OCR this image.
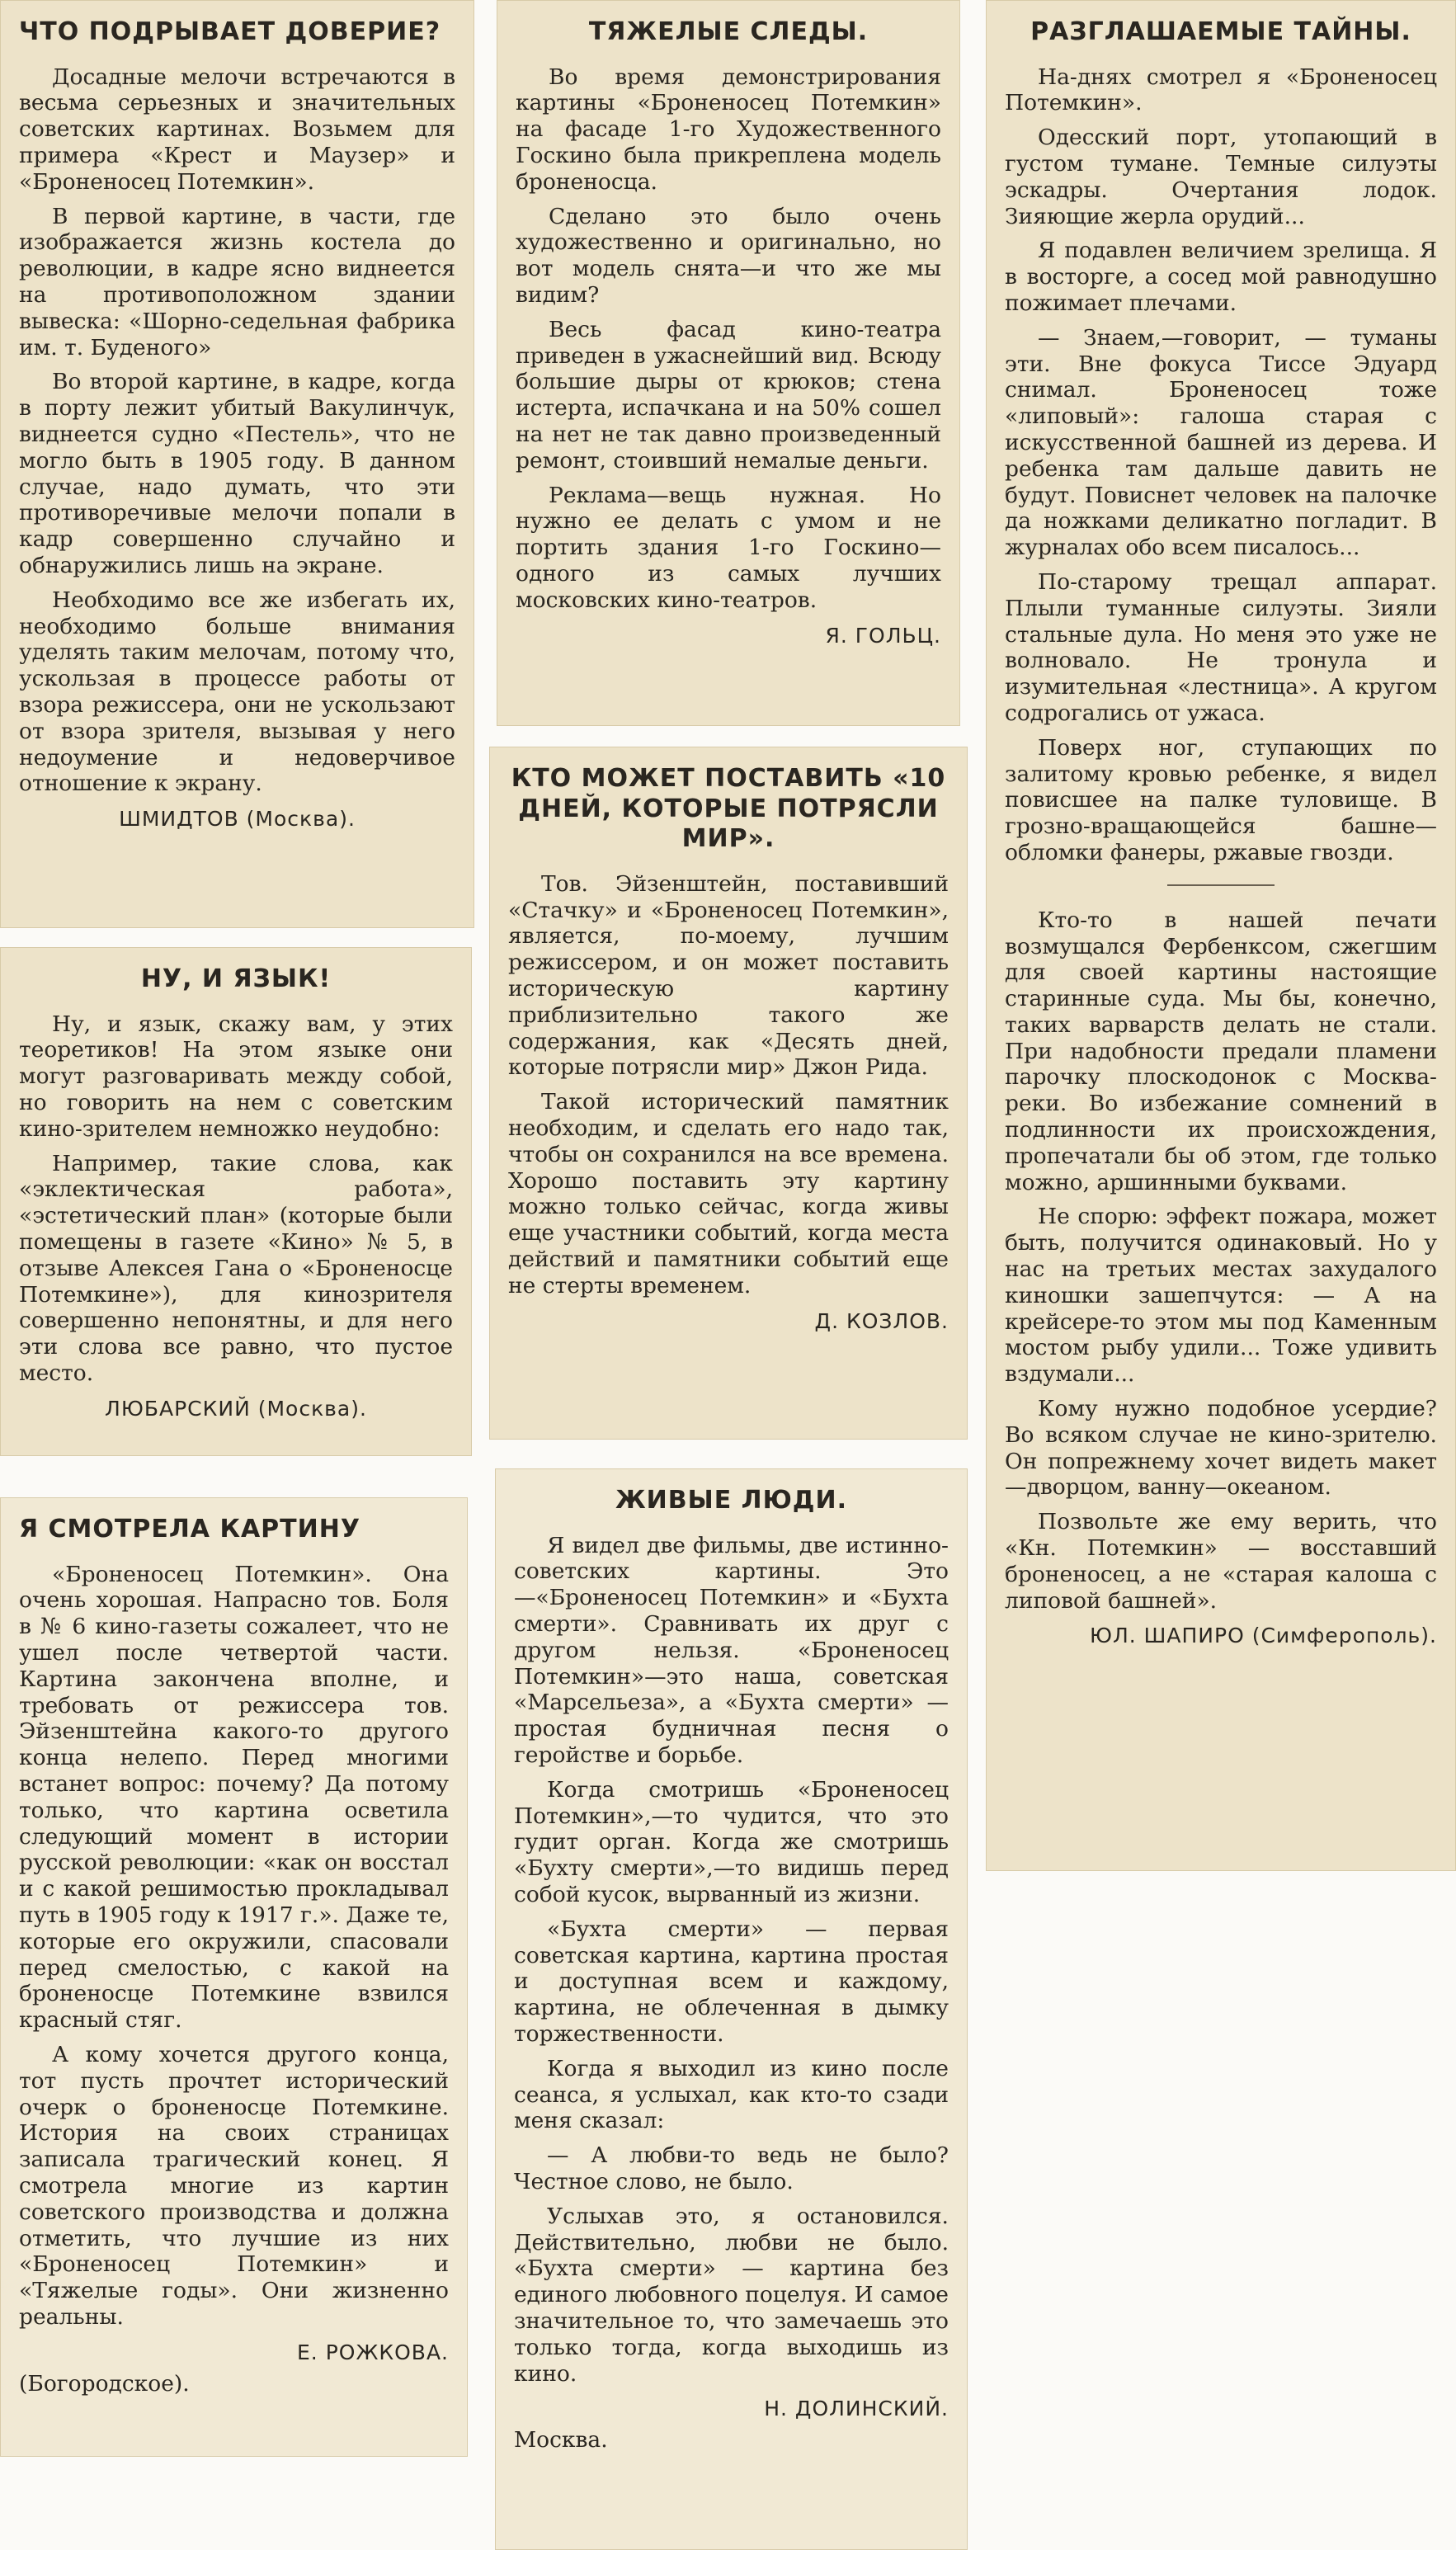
ЧТО ПОДРЫВАЕТ ДОВЕРИЕ?

Досадные мелочи встречаются в весьма серьезных и значительных советских картинах. Возьмем для примера «Крест и Маузер» и «Броненосец Потемкин».

В первой картине, в части, где изображается жизнь костела до революции, в кадре ясно виднеется на противоположном здании вывеска: «Шорно-седельная фабрика им. т. Буденого»

Во второй картине, в кадре, когда в порту лежит убитый Вакулинчук, виднеется судно «Пестель», что не могло быть в 1905 году. В данном случае, надо думать, что эти противоречивые мелочи попали в кадр совершенно случайно и обнаружились лишь на экране.

Необходимо все же избегать их, необходимо больше внимания уделять таким мелочам, потому что, ускользая в процессе работы от взора режиссера, они не ускользают от взора зрителя, вызывая у него недоумение и недоверчивое отношение к экрану.

ШМИДТОВ (Москва).
НУ, И ЯЗЫК!

Ну, и язык, скажу вам, у этих теоретиков! На этом языке они могут разговаривать между собой, но говорить на нем с советским кино-зрителем немножко неудобно:

Например, такие слова, как «эклектическая работа», «эстетический план» (которые были помещены в газете «Кино» № 5, в отзыве Алексея Гана о «Броненосце Потемкине»), для кинозрителя совершенно непонятны, и для него эти слова все равно, что пустое место.

ЛЮБАРСКИЙ (Москва).
Я СМОТРЕЛА КАРТИНУ

«Броненосец Потемкин». Она очень хорошая. Напрасно тов. Боля в № 6 кино-газеты сожалеет, что не ушел после четвертой части. Картина закончена вполне, и требовать от режиссера тов. Эйзенштейна какого-то другого конца нелепо. Перед многими встанет вопрос: почему? Да потому только, что картина осветила следующий момент в истории русской революции: «как он восстал и с какой решимостью прокладывал путь в 1905 году к 1917 г.». Даже те, которые его окружили, спасовали перед смелостью, с какой на броненосце Потемкине взвился красный стяг.

А кому хочется другого конца, тот пусть прочтет исторический очерк о броненосце Потемкине. История на своих страницах записала трагический конец. Я смотрела многие из картин советского производства и должна отметить, что лучшие из них «Броненосец Потемкин» и «Тяжелые годы». Они жизненно реальны.

Е. РОЖКОВА.
(Богородское).
ТЯЖЕЛЫЕ СЛЕДЫ.

Во время демонстрирования картины «Броненосец Потемкин» на фасаде 1-го Художественного Госкино была прикреплена модель броненосца.

Сделано это было очень художественно и оригинально, но вот модель снята—и что же мы видим?

Весь фасад кино-театра приведен в ужаснейший вид. Всюду большие дыры от крюков; стена истерта, испачкана и на 50% сошел на нет не так давно произведенный ремонт, стоивший немалые деньги.

Реклама—вещь нужная. Но нужно ее делать с умом и не портить здания 1-го Госкино—одного из самых лучших московских кино-театров.

Я. ГОЛЬЦ.
КТО МОЖЕТ ПОСТАВИТЬ «10 ДНЕЙ, КОТОРЫЕ ПОТРЯСЛИ МИР».

Тов. Эйзенштейн, поставивший «Стачку» и «Броненосец Потемкин», является, по-моему, лучшим режиссером, и он может поставить историческую картину приблизительно такого же содержания, как «Десять дней, которые потрясли мир» Джон Рида.

Такой исторический памятник необходим, и сделать его надо так, чтобы он сохранился на все времена. Хорошо поставить эту картину можно только сейчас, когда живы еще участники событий, когда места действий и памятники событий еще не стерты временем.

Д. КОЗЛОВ.
ЖИВЫЕ ЛЮДИ.

Я видел две фильмы, две истинно-советских картины. Это —«Броненосец Потемкин» и «Бухта смерти». Сравнивать их друг с другом нельзя. «Броненосец Потемкин»—это наша, советская «Марсельеза», а «Бухта смерти» — простая будничная песня о геройстве и борьбе.

Когда смотришь «Броненосец Потемкин»,—то чудится, что это гудит орган. Когда же смотришь «Бухту смерти»,—то видишь перед собой кусок, вырванный из жизни.

«Бухта смерти» — первая советская картина, картина простая и доступная всем и каждому, картина, не облеченная в дымку торжественности.

Когда я выходил из кино после сеанса, я услыхал, как кто-то сзади меня сказал:

— А любви-то ведь не было? Честное слово, не было.

Услыхав это, я остановился. Действительно, любви не было. «Бухта смерти» — картина без единого любовного поцелуя. И самое значительное то, что замечаешь это только тогда, когда выходишь из кино.

Н. ДОЛИНСКИЙ.
Москва.
РАЗГЛАШАЕМЫЕ ТАЙНЫ.

На-днях смотрел я «Броненосец Потемкин».

Одесский порт, утопающий в густом тумане. Темные силуэты эскадры. Очертания лодок. Зияющие жерла орудий...

Я подавлен величием зрелища. Я в восторге, а сосед мой равнодушно пожимает плечами.

— Знаем,—говорит, — туманы эти. Вне фокуса Тиссе Эдуард снимал. Броненосец тоже «липовый»: галоша старая с искусственной башней из дерева. И ребенка там дальше давить не будут. Повиснет человек на палочке да ножками деликатно погладит. В журналах обо всем писалось...

По-старому трещал аппарат. Плыли туманные силуэты. Зияли стальные дула. Но меня это уже не волновало. Не тронула и изумительная «лестница». А кругом содрогались от ужаса.

Поверх ног, ступающих по залитому кровью ребенке, я видел повисшее на палке туловище. В грозно-вращающейся башне—обломки фанеры, ржавые гвозди.

Кто-то в нашей печати возмущался Фербенксом, сжегшим для своей картины настоящие старинные суда. Мы бы, конечно, таких варварств делать не стали. При надобности предали пламени парочку плоскодонок с Москва-реки. Во избежание сомнений в подлинности их происхождения, пропечатали бы об этом, где только можно, аршинными буквами.

Не спорю: эффект пожара, может быть, получится одинаковый. Но у нас на третьих местах захудалого киношки зашепчутся: — А на крейсере-то этом мы под Каменным мостом рыбу удили... Тоже удивить вздумали...

Кому нужно подобное усердие? Во всяком случае не кино-зрителю. Он попрежнему хочет видеть макет—дворцом, ванну—океаном.

Позвольте же ему верить, что «Кн. Потемкин» — восставший броненосец, а не «старая калоша с липовой башней».

ЮЛ. ШАПИРО (Симферополь).
